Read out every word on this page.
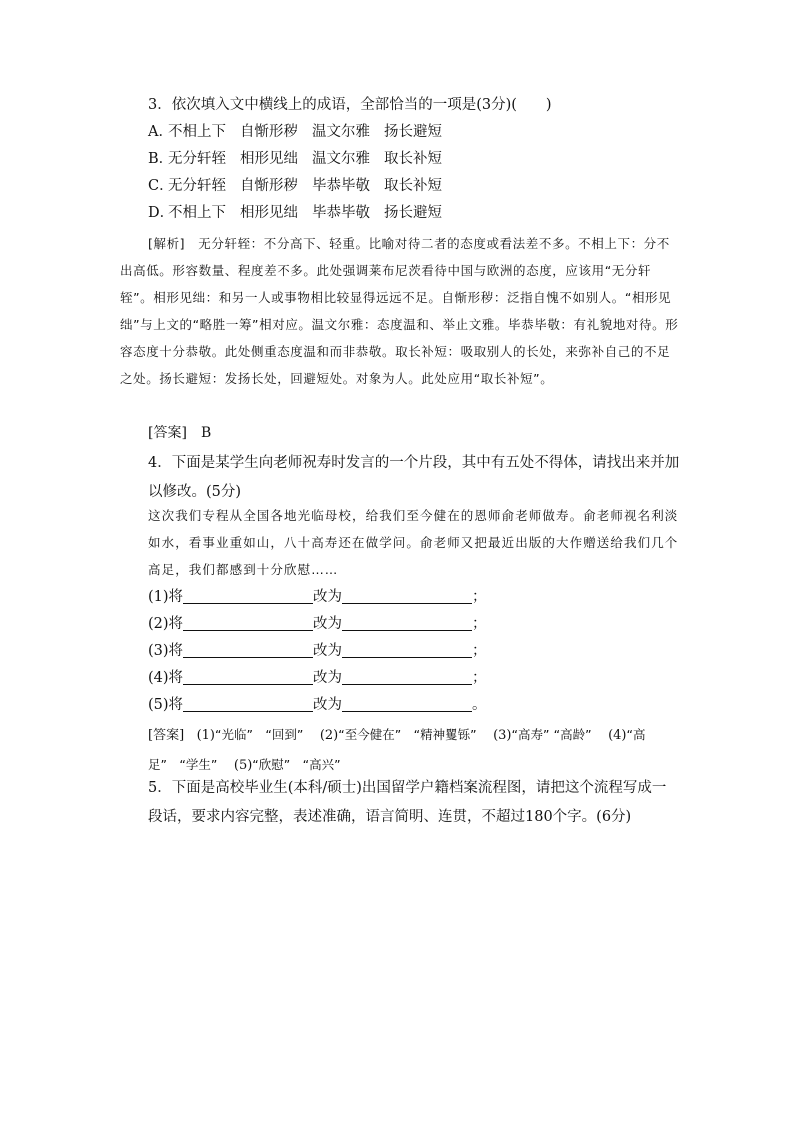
3．依次填入文中横线上的成语，全部恰当的一项是(3分)(　　)
A．不相上下 自惭形秽 温文尔雅 扬长避短
B．无分轩轾 相形见绌 温文尔雅 取长补短
C．无分轩轾 自惭形秽 毕恭毕敬 取长补短
D．不相上下 相形见绌 毕恭毕敬 扬长避短
[解析]　 无分轩轾：不分高下、轻重。比喻对待二者的态度或看法差不多。不相上下：分不出高低。形容数量、程度差不多。此处强调莱布尼茨看待中国与欧洲的态度，应该用“无分轩轾”。相形见绌：和另一人或事物相比较显得远远不足。自惭形秽：泛指自愧不如别人。“相形见绌”与上文的“略胜一筹”相对应。温文尔雅：态度温和、举止文雅。毕恭毕敬：有礼貌地对待。形容态度十分恭敬。此处侧重态度温和而非恭敬。取长补短：吸取别人的长处，来弥补自己的不足之处。扬长避短：发扬长处，回避短处。对象为人。此处应用“取长补短”。
[答案]　 B
4．下面是某学生向老师祝寿时发言的一个片段，其中有五处不得体，请找出来并加以修改。(5分)
这次我们专程从全国各地光临母校，给我们至今健在的恩师俞老师做寿。俞老师视名利淡如水，看事业重如山，八十高寿还在做学问。俞老师又把最近出版的大作赠送给我们几个高足，我们都感到十分欣慰……
(1)将	改为	；
(2)将	改为	；
(3)将	改为	；
(4)将	改为	；
(5)将	改为	。
[答案] (1)“光临” “回到” (2)“至今健在” “精神矍铄” (3)“高寿” “高龄” (4)“高足” “学生” (5)“欣慰” “高兴”
5．下面是高校毕业生(本科/硕士)出国留学户籍档案流程图，请把这个流程写成一段话，要求内容完整，表述准确，语言简明、连贯，不超过180个字。(6分)
